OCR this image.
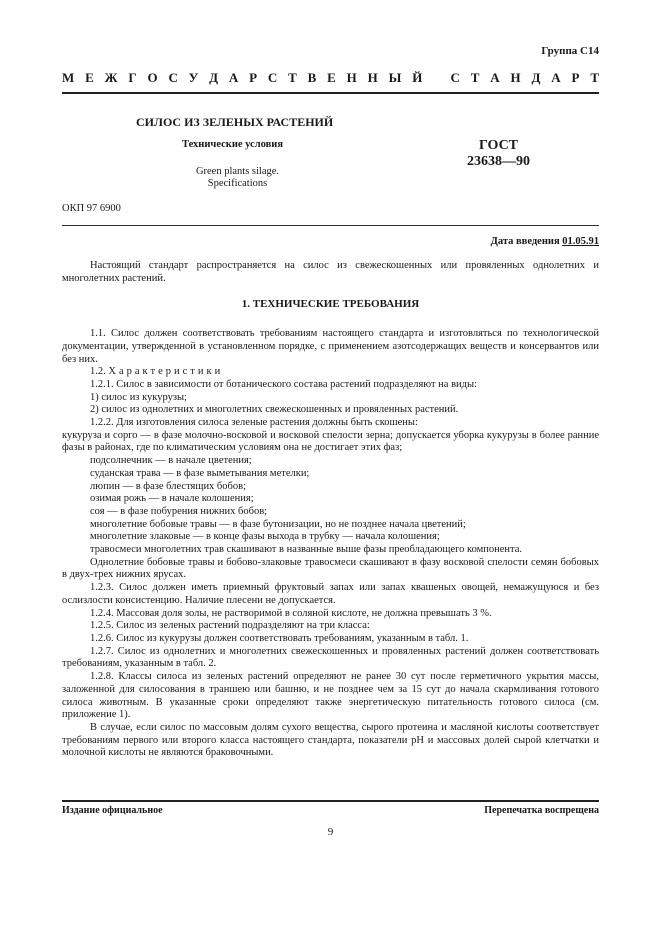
Группа С14
М Е Ж Г О С У Д А Р С Т В Е Н Н Ы Й
С Т А Н Д А Р Т
СИЛОС ИЗ ЗЕЛЕНЫХ РАСТЕНИЙ
Технические условия
Green plants silage.
Specifications
ГОСТ
23638—90
ОКП 97 6900
Дата введения 01.05.91

Настоящий стандарт распространяется на силос из свежескошенных или провяленных однолетних и многолетних растений.

1. ТЕХНИЧЕСКИЕ ТРЕБОВАНИЯ

1.1. Силос должен соответствовать требованиям настоящего стандарта и изготовляться по технологической документации, утвержденной в установленном порядке, с применением азотсодержащих веществ и консервантов или без них.

1.2. Характеристики

1.2.1. Силос в зависимости от ботанического состава растений подразделяют на виды:

1) силос из кукурузы;

2) силос из однолетних и многолетних свежескошенных и провяленных растений.

1.2.2. Для изготовления силоса зеленые растения должны быть скошены:

кукуруза и сорго — в фазе молочно-восковой и восковой спелости зерна; допускается уборка кукурузы в более ранние фазы в районах, где по климатическим условиям она не достигает этих фаз;

подсолнечник — в начале цветения;

суданская трава — в фазе выметывания метелки;

люпин — в фазе блестящих бобов;

озимая рожь — в начале колошения;

соя — в фазе побурения нижних бобов;

многолетние бобовые травы — в фазе бутонизации, но не позднее начала цветений;

многолетние злаковые — в конце фазы выхода в трубку — начала колошения;

травосмеси многолетних трав скашивают в названные выше фазы преобладающего компонента.

Однолетние бобовые травы и бобово-злаковые травосмеси скашивают в фазу восковой спелости семян бобовых в двух-трех нижних ярусах.

1.2.3. Силос должен иметь приемный фруктовый запах или запах квашеных овощей, немажущуюся и без ослизлости консистенцию. Наличие плесени не допускается.

1.2.4. Массовая доля золы, не растворимой в соляной кислоте, не должна превышать 3 %.

1.2.5. Силос из зеленых растений подразделяют на три класса:

1.2.6. Силос из кукурузы должен соответствовать требованиям, указанным в табл. 1.

1.2.7. Силос из однолетних и многолетних свежескошенных и провяленных растений должен соответствовать требованиям, указанным в табл. 2.

1.2.8. Классы силоса из зеленых растений определяют не ранее 30 сут после герметичного укрытия массы, заложенной для силосования в траншею или башню, и не позднее чем за 15 сут до начала скармливания готового силоса животным. В указанные сроки определяют также энергетическую питательность готового силоса (см. приложение 1).

В случае, если силос по массовым долям сухого вещества, сырого протеина и масляной кислоты соответствует требованиям первого или второго класса настоящего стандарта, показатели pH и массовых долей сырой клетчатки и молочной кислоты не являются браковочными.

Издание официальное	Перепечатка воспрещена
9
